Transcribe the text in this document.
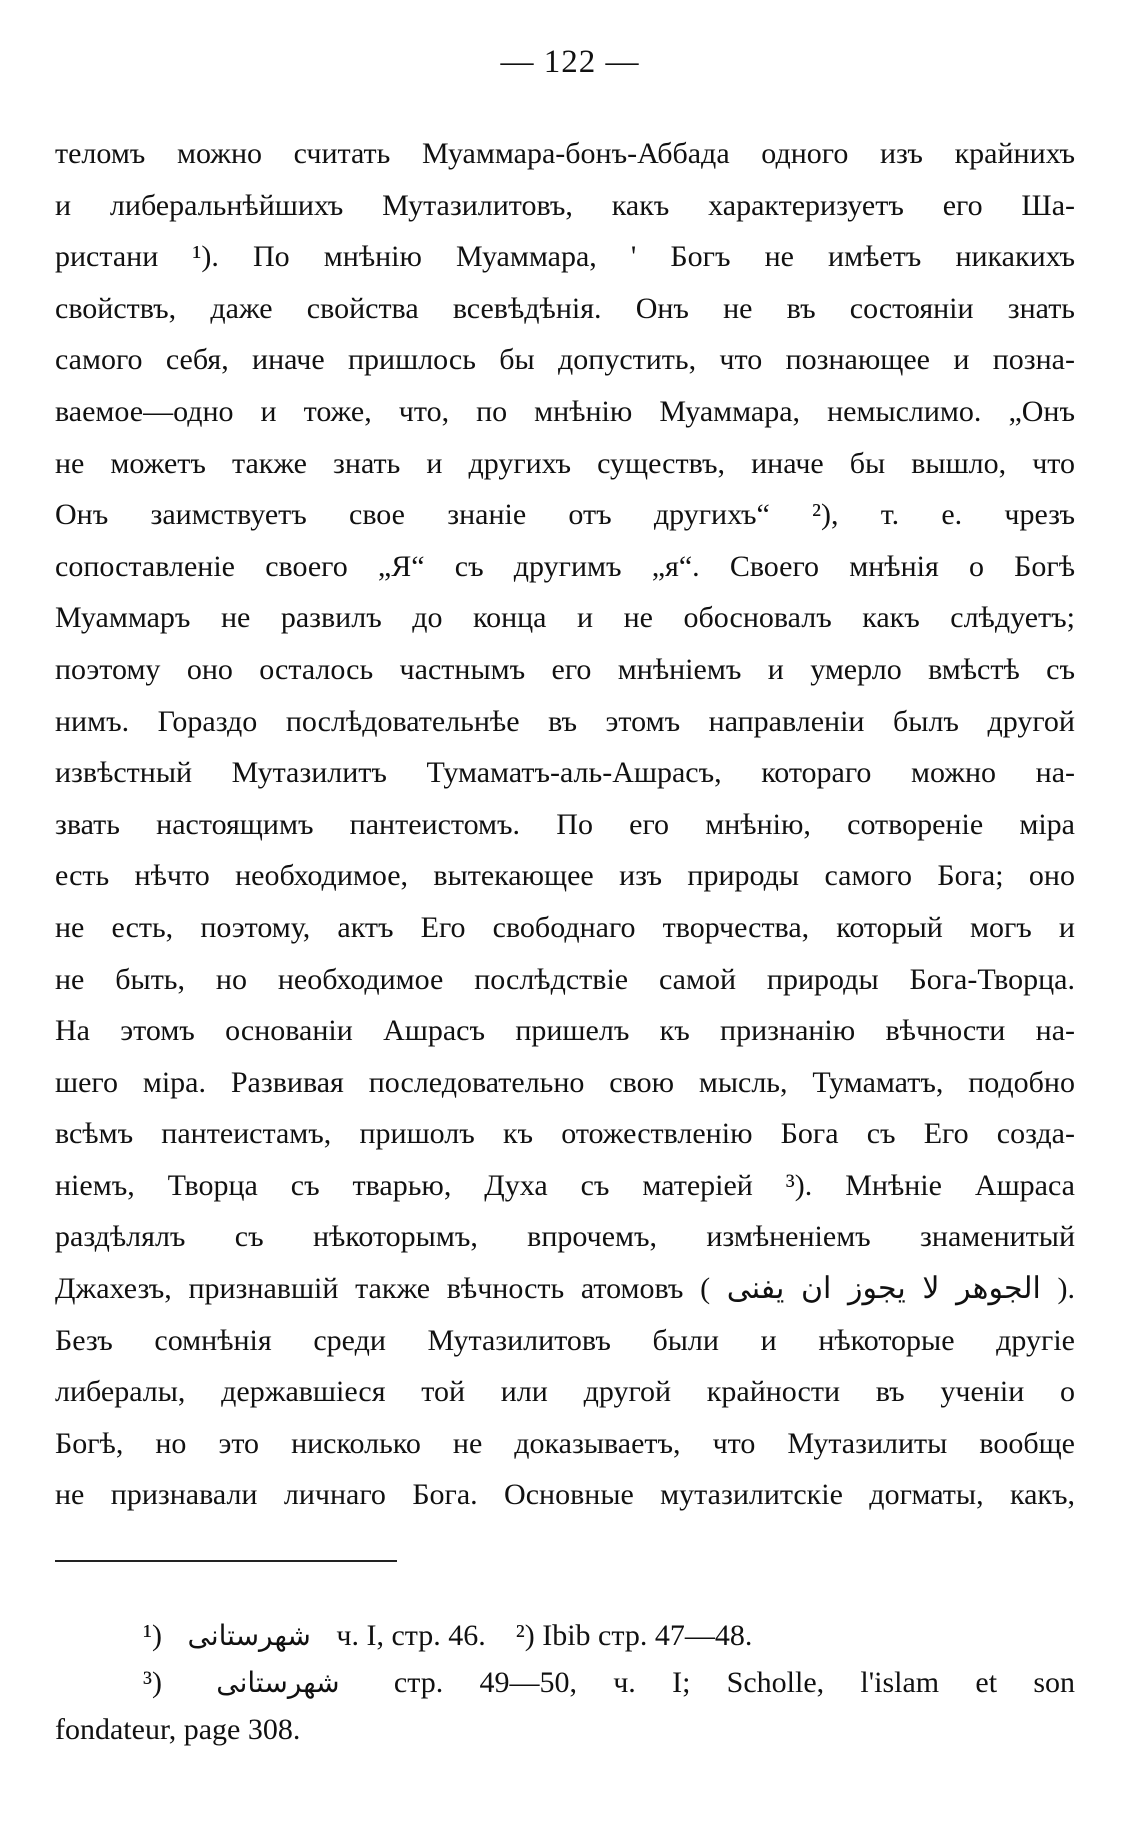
— 122 —
теломъ можно считать Муаммара-бонъ-Аббада одного изъ крайнихъ
и либеральнѣйшихъ Мутазилитовъ, какъ характеризуетъ его Ша-
ристани ¹). По мнѣнію Муаммара, ' Богъ не имѣетъ никакихъ
свойствъ, даже свойства всевѣдѣнія. Онъ не въ состояніи знать
самого себя, иначе пришлось бы допустить, что познающее и позна-
ваемое—одно и тоже, что, по мнѣнію Муаммара, немыслимо. „Онъ
не можетъ также знать и другихъ существъ, иначе бы вышло, что
Онъ заимствуетъ свое знаніе отъ другихъ“ ²), т. е. чрезъ
сопоставленіе своего „Я“ съ другимъ „я“. Своего мнѣнія о Богѣ
Муаммаръ не развилъ до конца и не обосновалъ какъ слѣдуетъ;
поэтому оно осталось частнымъ его мнѣніемъ и умерло вмѣстѣ съ
нимъ. Гораздо послѣдовательнѣе въ этомъ направленіи былъ другой
извѣстный Мутазилитъ Тумаматъ-аль-Ашрасъ, котораго можно на-
звать настоящимъ пантеистомъ. По его мнѣнію, сотвореніе міра
есть нѣчто необходимое, вытекающее изъ природы самого Бога; оно
не есть, поэтому, актъ Его свободнаго творчества, который могъ и
не быть, но необходимое послѣдствіе самой природы Бога-Творца.
На этомъ основаніи Ашрасъ пришелъ къ признанію вѣчности на-
шего міра. Развивая последовательно свою мысль, Тумаматъ, подобно
всѣмъ пантеистамъ, пришолъ къ отожествленію Бога съ Его созда-
ніемъ, Творца съ тварью, Духа съ матеріей ³). Мнѣніе Ашраса
раздѣлялъ съ нѣкоторымъ, впрочемъ, измѣненіемъ знаменитый
Джахезъ, признавшій также вѣчность атомовъ ( الجوهر لا يجوز ان يفنى ).
Безъ сомнѣнія среди Мутазилитовъ были и нѣкоторые другіе
либералы, державшіеся той или другой крайности въ ученіи о
Богѣ, но это нисколько не доказываетъ, что Мутазилиты вообще
не признавали личнаго Бога. Основные мутазилитскіе догматы, какъ,
¹) شهرستانى ч. I, стр. 46. ²) Ibib стр. 47—48.
³) شهرستانى стр. 49—50, ч. I; Scholle, l'islam et son
fondateur, page 308.
